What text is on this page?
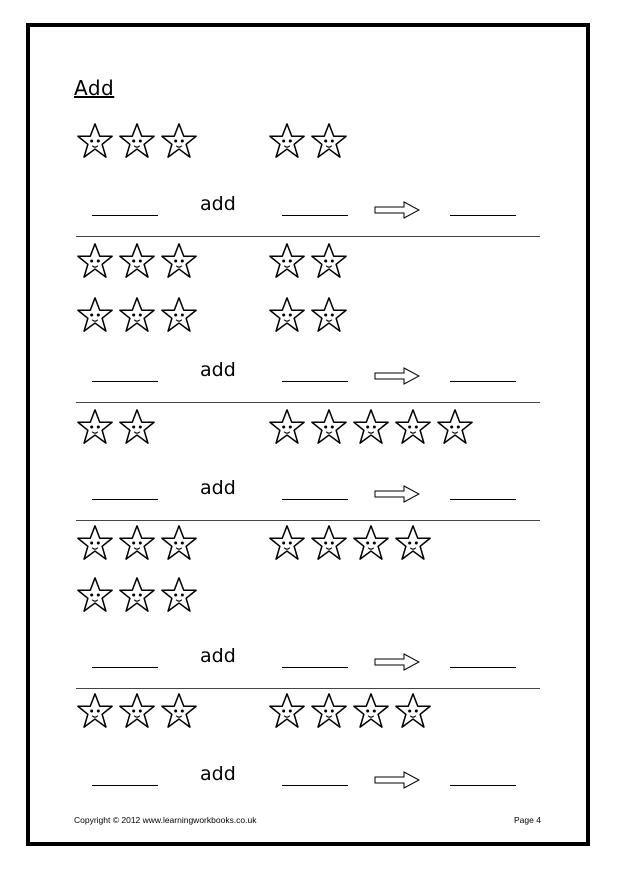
Add
add
add
add
add
add
Copyright © 2012 www.learningworkbooks.co.uk	Page 4
